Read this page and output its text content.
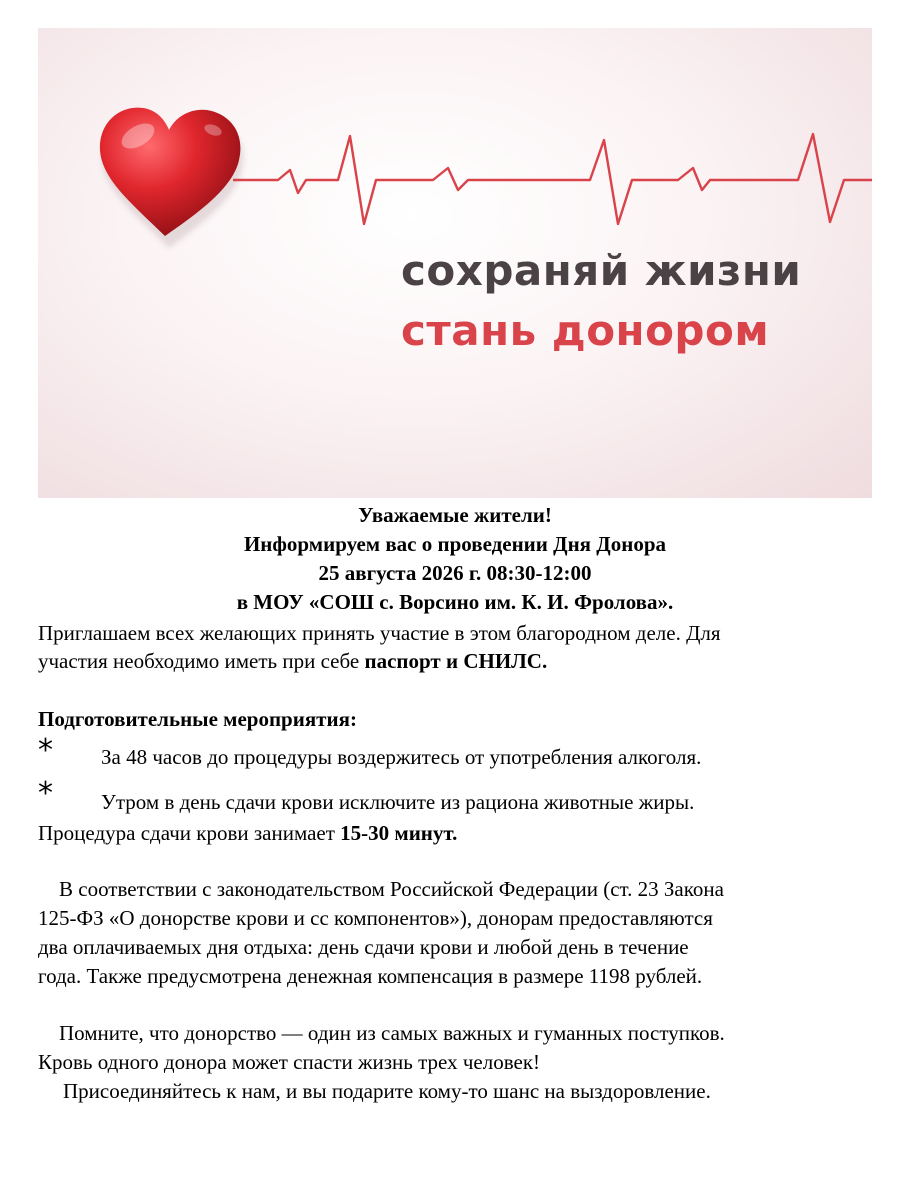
сохраняй жизни
стань донором
Уважаемые жители!
Информируем вас о проведении Дня Донора
25 августа 2026 г. 08:30-12:00
в МОУ «СОШ с. Ворсино им. К. И. Фролова».
Приглашаем всех желающих принять участие в этом благородном деле. Для
участия необходимо иметь при себе паспорт и СНИЛС.
Подготовительные мероприятия:
* За 48 часов до процедуры воздержитесь от употребления алкоголя.
* Утром в день сдачи крови исключите из рациона животные жиры.
Процедура сдачи крови занимает 15-30 минут.
В соответствии с законодательством Российской Федерации (ст. 23 Закона
125-ФЗ «О донорстве крови и сс компонентов»), донорам предоставляются
два оплачиваемых дня отдыха: день сдачи крови и любой день в течение
года. Также предусмотрена денежная компенсация в размере 1198 рублей.
Помните, что донорство — один из самых важных и гуманных поступков.
Кровь одного донора может спасти жизнь трех человек!
Присоединяйтесь к нам, и вы подарите кому-то шанс на выздоровление.
